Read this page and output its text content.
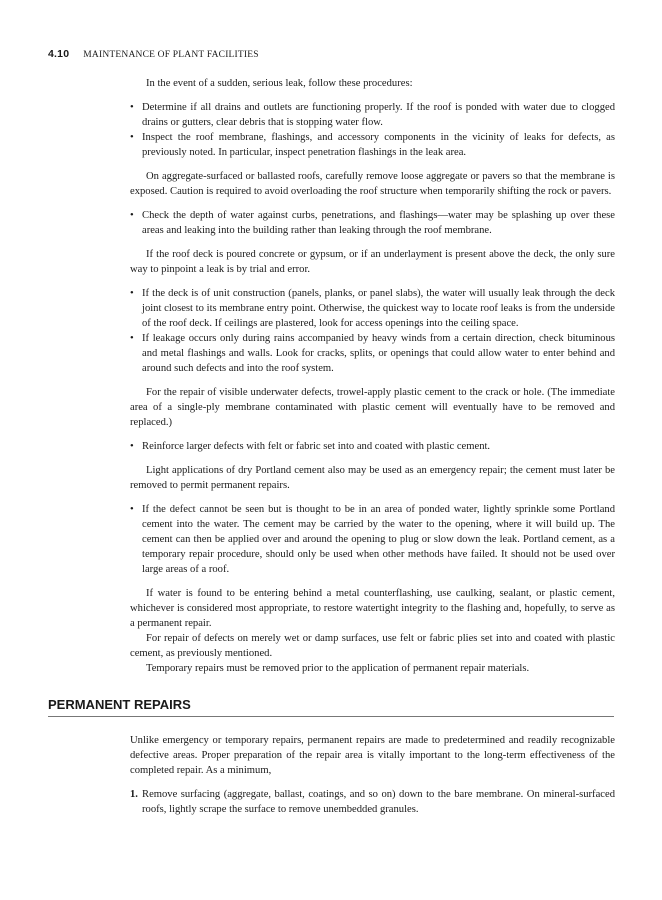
4.10 MAINTENANCE OF PLANT FACILITIES

In the event of a sudden, serious leak, follow these procedures:

• Determine if all drains and outlets are functioning properly. If the roof is ponded with water due to clogged drains or gutters, clear debris that is stopping water flow.

• Inspect the roof membrane, flashings, and accessory components in the vicinity of leaks for defects, as previously noted. In particular, inspect penetration flashings in the leak area.

On aggregate-surfaced or ballasted roofs, carefully remove loose aggregate or pavers so that the membrane is exposed. Caution is required to avoid overloading the roof structure when temporarily shifting the rock or pavers.

• Check the depth of water against curbs, penetrations, and flashings—water may be splashing up over these areas and leaking into the building rather than leaking through the roof membrane.

If the roof deck is poured concrete or gypsum, or if an underlayment is present above the deck, the only sure way to pinpoint a leak is by trial and error.

• If the deck is of unit construction (panels, planks, or panel slabs), the water will usually leak through the deck joint closest to its membrane entry point. Otherwise, the quickest way to locate roof leaks is from the underside of the roof deck. If ceilings are plastered, look for access openings into the ceiling space.

• If leakage occurs only during rains accompanied by heavy winds from a certain direction, check bituminous and metal flashings and walls. Look for cracks, splits, or openings that could allow water to enter behind and around such defects and into the roof system.

For the repair of visible underwater defects, trowel-apply plastic cement to the crack or hole. (The immediate area of a single-ply membrane contaminated with plastic cement will eventually have to be removed and replaced.)

• Reinforce larger defects with felt or fabric set into and coated with plastic cement.

Light applications of dry Portland cement also may be used as an emergency repair; the cement must later be removed to permit permanent repairs.

• If the defect cannot be seen but is thought to be in an area of ponded water, lightly sprinkle some Portland cement into the water. The cement may be carried by the water to the opening, where it will build up. The cement can then be applied over and around the opening to plug or slow down the leak. Portland cement, as a temporary repair procedure, should only be used when other methods have failed. It should not be used over large areas of a roof.

If water is found to be entering behind a metal counterflashing, use caulking, sealant, or plastic cement, whichever is considered most appropriate, to restore watertight integrity to the flashing and, hopefully, to serve as a permanent repair.

For repair of defects on merely wet or damp surfaces, use felt or fabric plies set into and coated with plastic cement, as previously mentioned.

Temporary repairs must be removed prior to the application of permanent repair materials.

PERMANENT REPAIRS

Unlike emergency or temporary repairs, permanent repairs are made to predetermined and readily recognizable defective areas. Proper preparation of the repair area is vitally important to the long-term effectiveness of the completed repair. As a minimum,

1. Remove surfacing (aggregate, ballast, coatings, and so on) down to the bare membrane. On mineral-surfaced roofs, lightly scrape the surface to remove unembedded granules.
